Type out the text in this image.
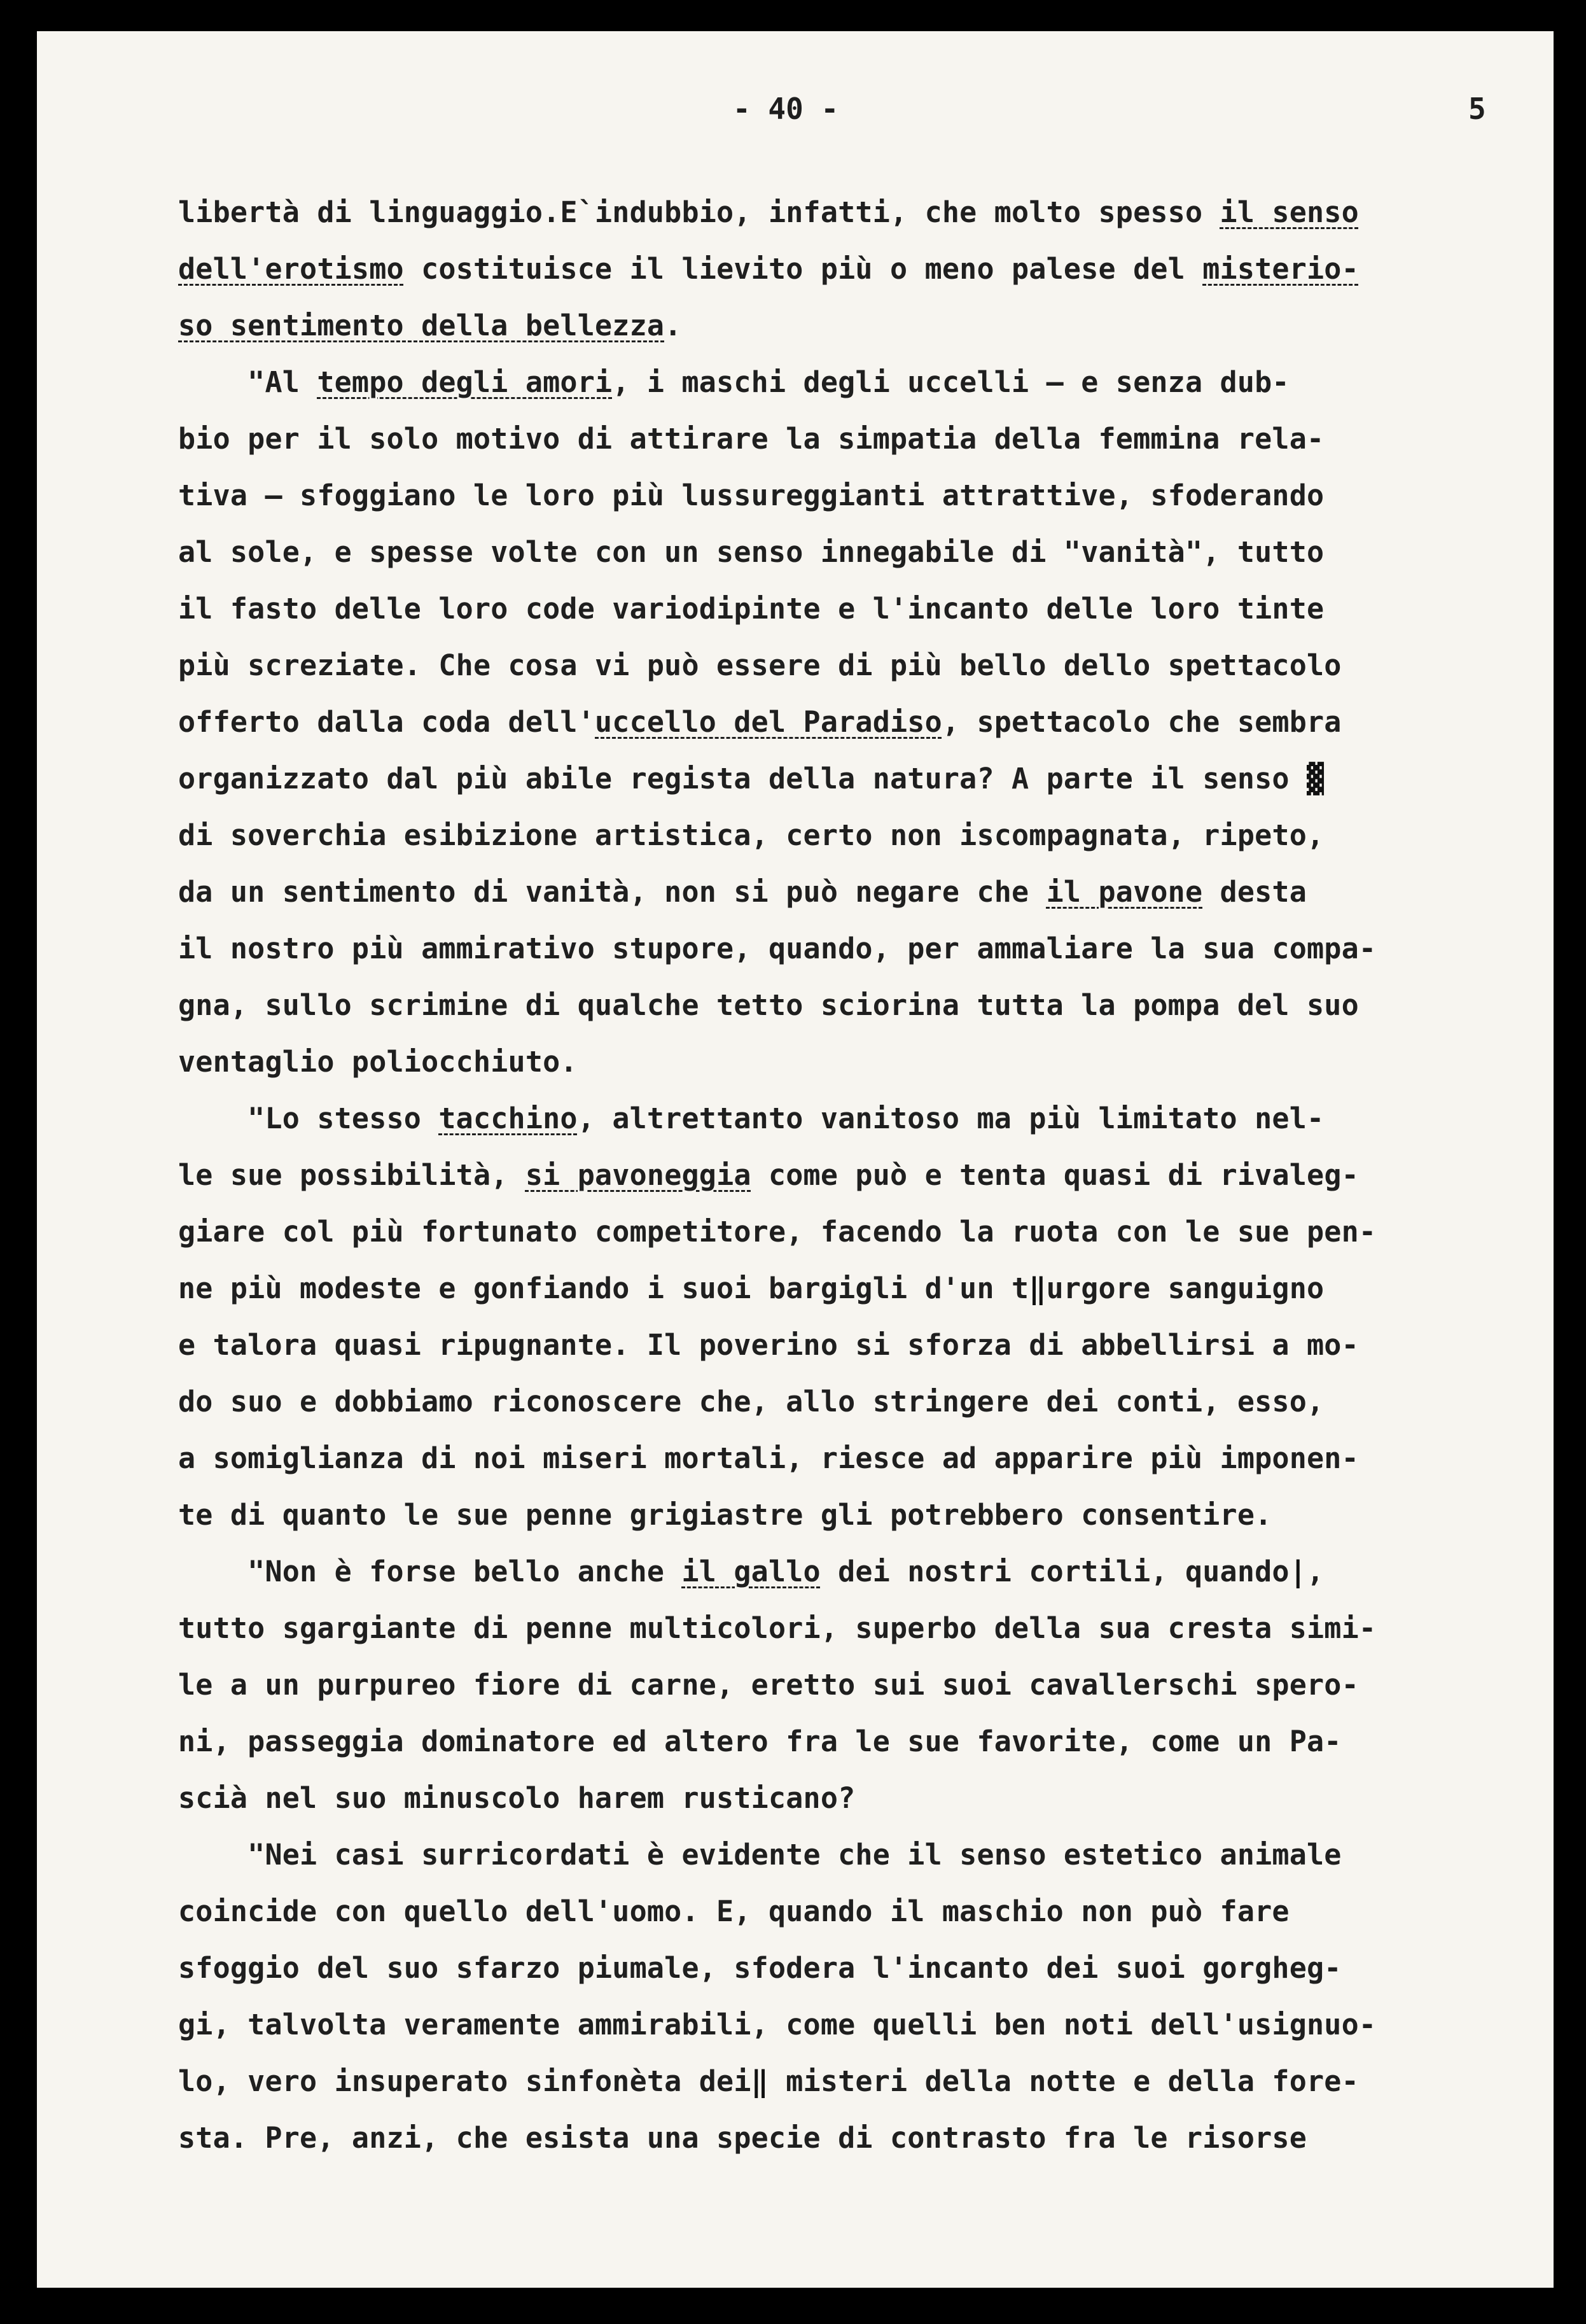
- 40 -	5
libertà di linguaggio.E`indubbio, infatti, che molto spesso il senso
dell'erotismo costituisce il lievito più o meno palese del misterio-
so sentimento della bellezza.
"Al tempo degli amori, i maschi degli uccelli — e senza dub-
bio per il solo motivo di attirare la simpatia della femmina rela-
tiva — sfoggiano le loro più lussureggianti attrattive, sfoderando
al sole, e spesse volte con un senso innegabile di "vanità", tutto
il fasto delle loro code variodipinte e l'incanto delle loro tinte
più screziate. Che cosa vi può essere di più bello dello spettacolo
offerto dalla coda dell'uccello del Paradiso, spettacolo che sembra
organizzato dal più abile regista della natura? A parte il senso ▓
di soverchia esibizione artistica, certo non iscompagnata, ripeto,
da un sentimento di vanità, non si può negare che il pavone desta
il nostro più ammirativo stupore, quando, per ammaliare la sua compa-
gna, sullo scrimine di qualche tetto sciorina tutta la pompa del suo
ventaglio poliocchiuto.
"Lo stesso tacchino, altrettanto vanitoso ma più limitato nel-
le sue possibilità, si pavoneggia come può e tenta quasi di rivaleg-
giare col più fortunato competitore, facendo la ruota con le sue pen-
ne più modeste e gonfiando i suoi bargigli d'un t‖urgore sanguigno
e talora quasi ripugnante. Il poverino si sforza di abbellirsi a mo-
do suo e dobbiamo riconoscere che, allo stringere dei conti, esso,
a somiglianza di noi miseri mortali, riesce ad apparire più imponen-
te di quanto le sue penne grigiastre gli potrebbero consentire.
"Non è forse bello anche il gallo dei nostri cortili, quando|,
tutto sgargiante di penne multicolori, superbo della sua cresta simi-
le a un purpureo fiore di carne, eretto sui suoi cavallerschi spero-
ni, passeggia dominatore ed altero fra le sue favorite, come un Pa-
scià nel suo minuscolo harem rusticano?
"Nei casi surricordati è evidente che il senso estetico animale
coincide con quello dell'uomo. E, quando il maschio non può fare
sfoggio del suo sfarzo piumale, sfodera l'incanto dei suoi gorgheg-
gi, talvolta veramente ammirabili, come quelli ben noti dell'usignuo-
lo, vero insuperato sinfonèta dei‖ misteri della notte e della fore-
sta. Pre, anzi, che esista una specie di contrasto fra le risorse
